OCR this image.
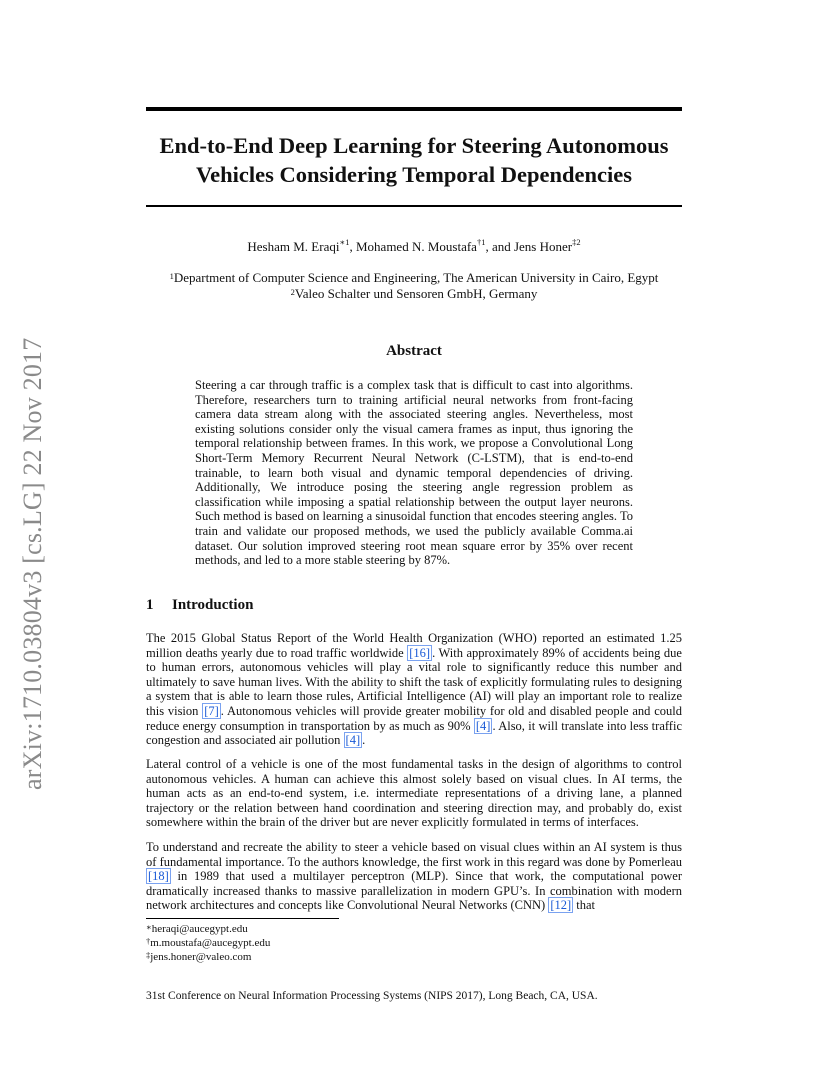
arXiv:1710.03804v3 [cs.LG] 22 Nov 2017
End-to-End Deep Learning for Steering Autonomous
Vehicles Considering Temporal Dependencies
Hesham M. Eraqi$^{∗1}$, Mohamed N. Moustafa$^{\dagger 1}$, and Jens Honer$^{\ddagger 2}$
$^1$Department of Computer Science and Engineering, The American University in Cairo, Egypt
$^2$Valeo Schalter und Sensoren GmbH, Germany
Abstract
Steering a car through traffic is a complex task that is difficult to cast into algorithms. Therefore, researchers turn to training artificial neural networks from front-facing camera data stream along with the associated steering angles. Nevertheless, most existing solutions consider only the visual camera frames as input, thus ignoring the temporal relationship between frames. In this work, we propose a Convolutional Long Short-Term Memory Recurrent Neural Network (C-LSTM), that is end-to-end trainable, to learn both visual and dynamic temporal dependencies of driving. Additionally, We introduce posing the steering angle regression problem as classification while imposing a spatial relationship between the output layer neurons. Such method is based on learning a sinusoidal function that encodes steering angles. To train and validate our proposed methods, we used the publicly available Comma.ai dataset. Our solution improved steering root mean square error by 35% over recent methods, and led to a more stable steering by 87%.
1 Introduction
The 2015 Global Status Report of the World Health Organization (WHO) reported an estimated 1.25 million deaths yearly due to road traffic worldwide [16] . With approximately 89% of accidents being due to human errors, autonomous vehicles will play a vital role to significantly reduce this number and ultimately to save human lives. With the ability to shift the task of explicitly formulating rules to designing a system that is able to learn those rules, Artificial Intelligence (AI) will play an important role to realize this vision [7] . Autonomous vehicles will provide greater mobility for old and disabled people and could reduce energy consumption in transportation by as much as 90% [4] . Also, it will translate into less traffic congestion and associated air pollution [4] .
Lateral control of a vehicle is one of the most fundamental tasks in the design of algorithms to control autonomous vehicles. A human can achieve this almost solely based on visual clues. In AI terms, the human acts as an end-to-end system, i.e. intermediate representations of a driving lane, a planned trajectory or the relation between hand coordination and steering direction may, and probably do, exist somewhere within the brain of the driver but are never explicitly formulated in terms of interfaces.
To understand and recreate the ability to steer a vehicle based on visual clues within an AI system is thus of fundamental importance. To the authors knowledge, the first work in this regard was done by Pomerleau [18] in 1989 that used a multilayer perceptron (MLP). Since that work, the computational power dramatically increased thanks to massive parallelization in modern GPU’s. In combination with modern network architectures and concepts like Convolutional Neural Networks (CNN) [12] that
∗heraqi@aucegypt.edu
†m.moustafa@aucegypt.edu
‡jens.honer@valeo.com
31st Conference on Neural Information Processing Systems (NIPS 2017), Long Beach, CA, USA.
